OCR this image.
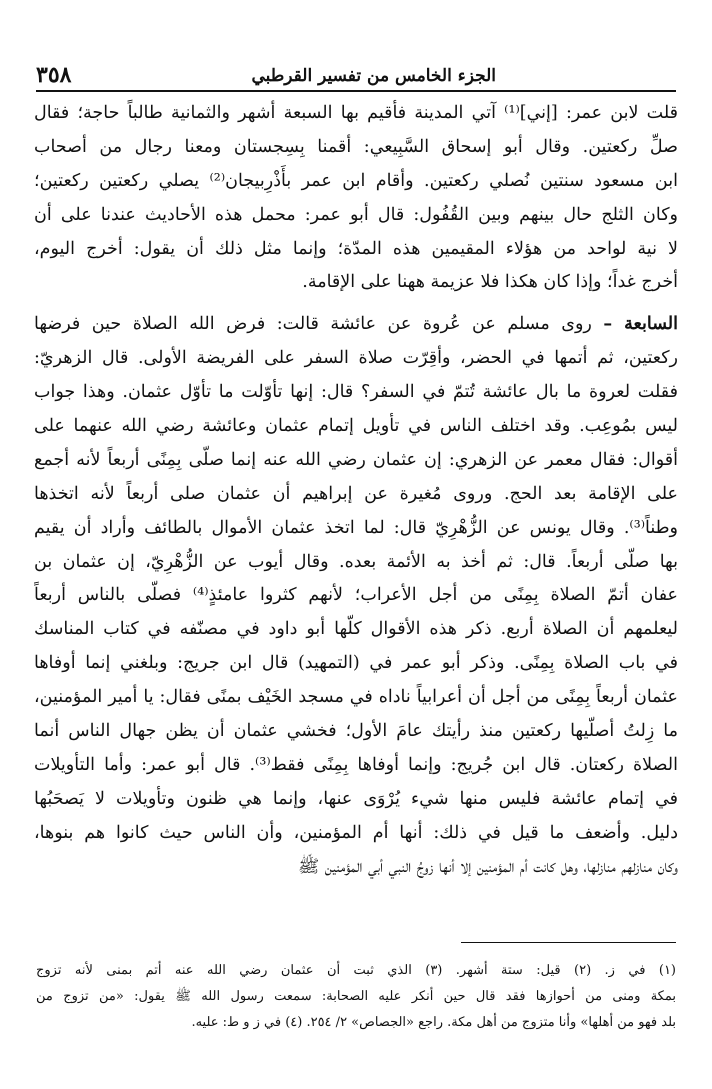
الجزء الخامس من تفسير القرطبي
٣٥٨
قلت لابن عمر: [إني]⁽¹⁾ آتي المدينة فأقيم بها السبعة أشهر والثمانية طالباً حاجة؛ فقال
صلِّ ركعتين. وقال أبو إسحاق السَّبِيعي: أقمنا بِسِجستان ومعنا رجال من أصحاب
ابن مسعود سنتين نُصلي ركعتين. وأقام ابن عمر بأَذْرِبيجان⁽²⁾ يصلي ركعتين ركعتين؛
وكان الثلج حال بينهم وبين القُفُول: قال أبو عمر: محمل هذه الأحاديث عندنا على أن
لا نية لواحد من هؤلاء المقيمين هذه المدّة؛ وإنما مثل ذلك أن يقول: أخرج اليوم،
أخرج غداً؛ وإذا كان هكذا فلا عزيمة ههنا على الإقامة.
السابعة – روى مسلم عن عُروة عن عائشة قالت: فرض الله الصلاة حين فرضها
ركعتين، ثم أتمها في الحضر، وأقِرّت صلاة السفر على الفريضة الأولى. قال الزهريّ:
فقلت لعروة ما بال عائشة تُتمّ في السفر؟ قال: إنها تأوّلت ما تأوّل عثمان. وهذا جواب
ليس بمُوعِب. وقد اختلف الناس في تأويل إتمام عثمان وعائشة رضي الله عنهما على
أقوال: فقال معمر عن الزهري: إن عثمان رضي الله عنه إنما صلّى بِمِنًى أربعاً لأنه أجمع
على الإقامة بعد الحج. وروى مُغيرة عن إبراهيم أن عثمان صلى أربعاً لأنه اتخذها
وطناً⁽³⁾. وقال يونس عن الزُّهْرِيّ قال: لما اتخذ عثمان الأموال بالطائف وأراد أن يقيم
بها صلّى أربعاً. قال: ثم أخذ به الأئمة بعده. وقال أيوب عن الزُّهْرِيّ، إن عثمان بن
عفان أتمّ الصلاة بِمِنًى من أجل الأعراب؛ لأنهم كثروا عامئذٍ⁽⁴⁾ فصلّى بالناس أربعاً
ليعلمهم أن الصلاة أربع. ذكر هذه الأقوال كلّها أبو داود في مصنّفه في كتاب المناسك
في باب الصلاة بِمِنًى. وذكر أبو عمر في (التمهيد) قال ابن جريج: وبلغني إنما أوفاها
عثمان أربعاً بِمِنًى من أجل أن أعرابياً ناداه في مسجد الخَيْف بمنًى فقال: يا أمير المؤمنين،
ما زِلتُ أصلّيها ركعتين منذ رأيتك عامَ الأول؛ فخشي عثمان أن يظن جهال الناس أنما
الصلاة ركعتان. قال ابن جُريج: وإنما أوفاها بِمِنًى فقط⁽³⁾. قال أبو عمر: وأما التأويلات
في إتمام عائشة فليس منها شيء يُرْوَى عنها، وإنما هي ظنون وتأويلات لا يَصحَبُها
دليل. وأضعف ما قيل في ذلك: أنها أم المؤمنين، وأن الناس حيث كانوا هم بنوها،
وكان منازلهم منازلها، وهل كانت أم المؤمنين إلا أنها زوجُ النبي أبي المؤمنين ﷺ
(١) في ز. (٢) قيل: ستة أشهر. (٣) الذي ثبت أن عثمان رضي الله عنه أتم بمنى لأنه تزوج
بمكة ومنى من أحوازها فقد قال حين أنكر عليه الصحابة: سمعت رسول الله ﷺ يقول: «من تزوج من
بلد فهو من أهلها» وأنا متزوج من أهل مكة. راجع «الجصاص» ٢/ ٢٥٤. (٤) في ز و ط: عليه.
